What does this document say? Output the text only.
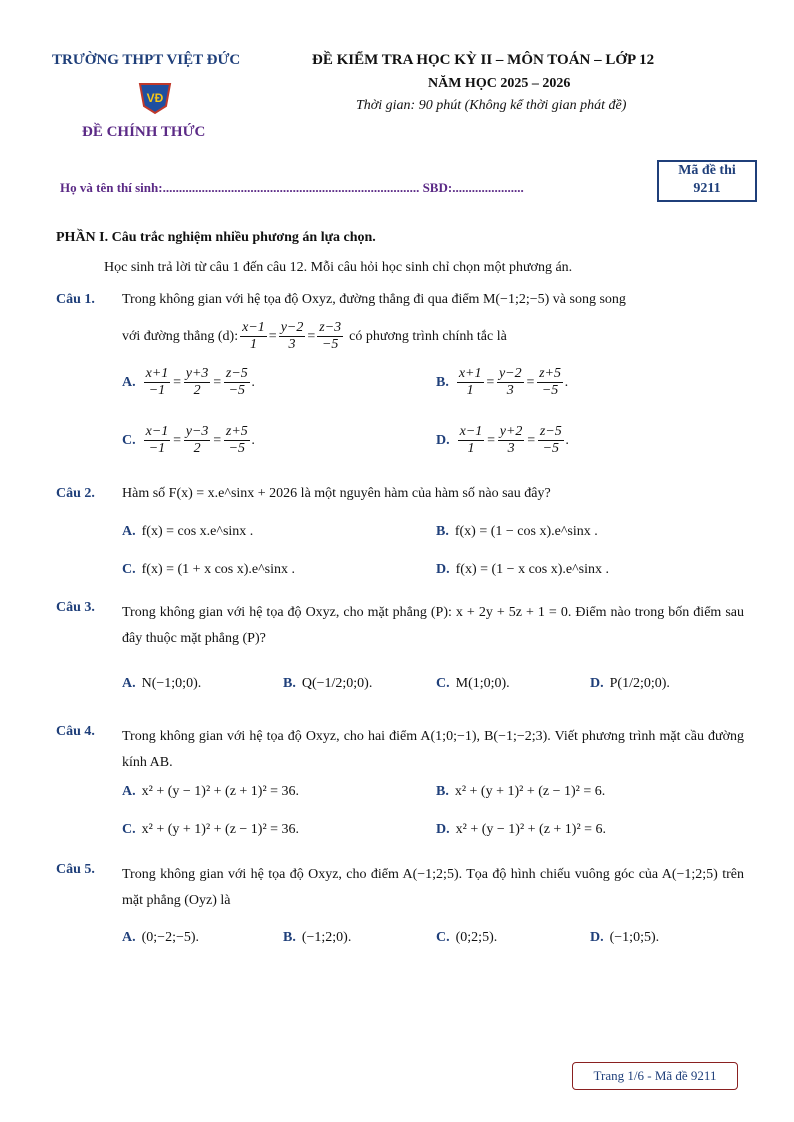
TRƯỜNG THPT VIỆT ĐỨC
VĐ
ĐỀ CHÍNH THỨC
ĐỀ KIỂM TRA HỌC KỲ II – MÔN TOÁN – LỚP 12
NĂM HỌC 2025 – 2026
Thời gian: 90 phút (Không kể thời gian phát đề)
Họ và tên thí sinh:............................................................................... SBD:......................
Mã đề thi
9211
PHẦN I. Câu trắc nghiệm nhiều phương án lựa chọn.
Học sinh trả lời từ câu 1 đến câu 12. Mỗi câu hỏi học sinh chỉ chọn một phương án.
Câu 1. Trong không gian với hệ tọa độ Oxyz, đường thẳng đi qua điểm M(−1;2;−5) và song song
với đường thẳng (d): $\frac{x-1}{1} = \frac{y-2}{3} = \frac{z-3}{-5}$ có phương trình chính tắc là
A. $\frac{x+1}{-1} = \frac{y+3}{2} = \frac{z-5}{-5}$ .	B. $\frac{x+1}{1} = \frac{y-2}{3} = \frac{z+5}{-5}$ .
C. $\frac{x-1}{-1} = \frac{y-3}{2} = \frac{z+5}{-5}$ .	D. $\frac{x-1}{1} = \frac{y+2}{3} = \frac{z-5}{-5}$ .
Câu 2. Hàm số F(x) = x.e^sinx + 2026 là một nguyên hàm của hàm số nào sau đây?
A. f(x) = cos x.e^sinx .	B. f(x) = (1 − cos x).e^sinx .
C. f(x) = (1 + x cos x).e^sinx .	D. f(x) = (1 − x cos x).e^sinx .
Câu 3. Trong không gian với hệ tọa độ Oxyz, cho mặt phẳng (P): x + 2y + 5z + 1 = 0. Điểm nào trong bốn điểm sau đây thuộc mặt phẳng (P)?
A. N(−1;0;0).	B. Q(−1/2;0;0).	C. M(1;0;0).	D. P(1/2;0;0).
Câu 4. Trong không gian với hệ tọa độ Oxyz, cho hai điểm A(1;0;−1), B(−1;−2;3). Viết phương trình mặt cầu đường kính AB.
A. x² + (y − 1)² + (z + 1)² = 36.	B. x² + (y + 1)² + (z − 1)² = 6.
C. x² + (y + 1)² + (z − 1)² = 36.	D. x² + (y − 1)² + (z + 1)² = 6.
Câu 5. Trong không gian với hệ tọa độ Oxyz, cho điểm A(−1;2;5). Tọa độ hình chiếu vuông góc của A(−1;2;5) trên mặt phẳng (Oyz) là
A. (0;−2;−5).	B. (−1;2;0).	C. (0;2;5).	D. (−1;0;5).
Trang 1/6 - Mã đề 9211
